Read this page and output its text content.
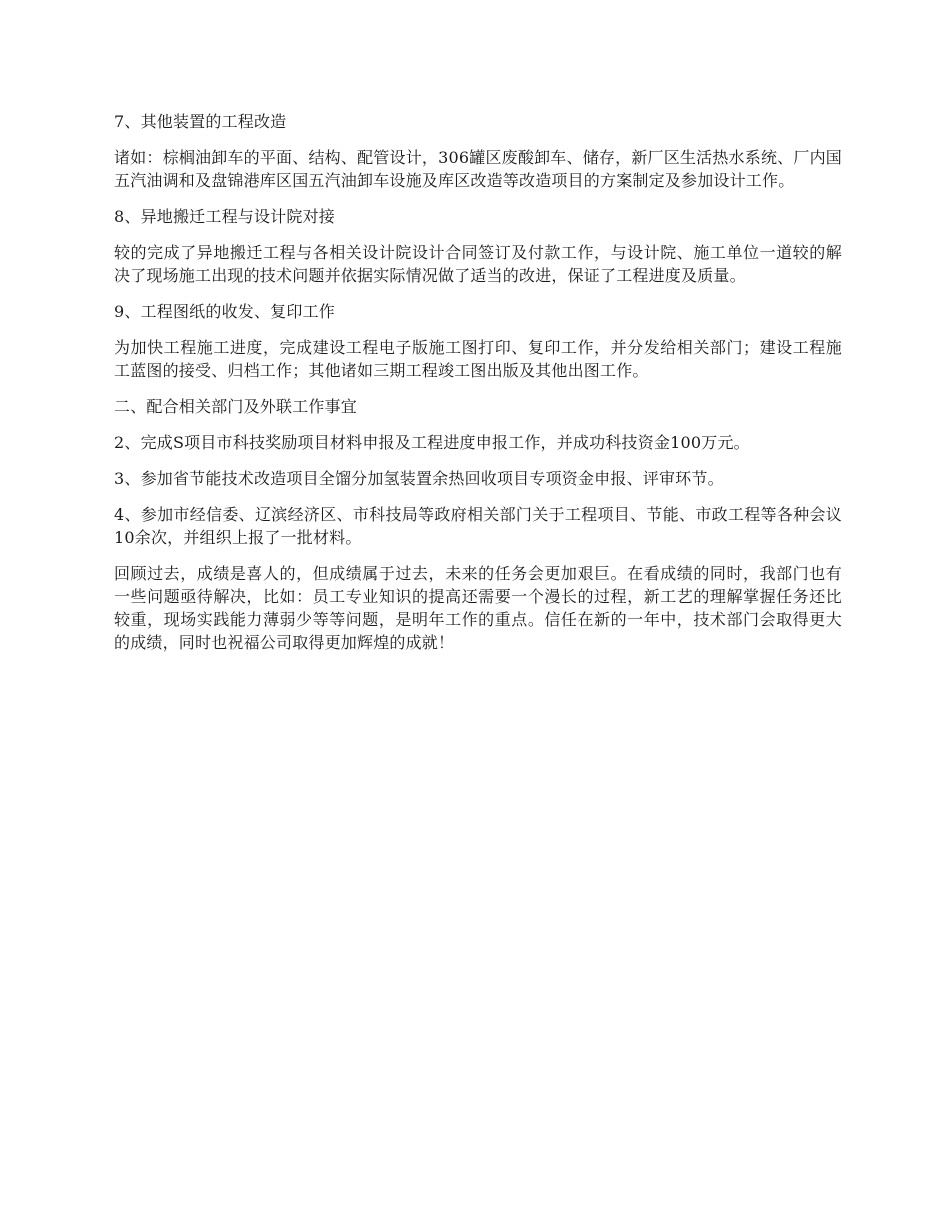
7、其他装置的工程改造

诸如：棕榈油卸车的平面、结构、配管设计，306罐区废酸卸车、储存，新厂区生活热水系统、厂内国五汽油调和及盘锦港库区国五汽油卸车设施及库区改造等改造项目的方案制定及参加设计工作。

8、异地搬迁工程与设计院对接

较的完成了异地搬迁工程与各相关设计院设计合同签订及付款工作，与设计院、施工单位一道较的解决了现场施工出现的技术问题并依据实际情况做了适当的改进，保证了工程进度及质量。

9、工程图纸的收发、复印工作

为加快工程施工进度，完成建设工程电子版施工图打印、复印工作，并分发给相关部门；建设工程施工蓝图的接受、归档工作；其他诸如三期工程竣工图出版及其他出图工作。

二、配合相关部门及外联工作事宜

2、完成S项目市科技奖励项目材料申报及工程进度申报工作，并成功科技资金100万元。

3、参加省节能技术改造项目全馏分加氢装置余热回收项目专项资金申报、评审环节。

4、参加市经信委、辽滨经济区、市科技局等政府相关部门关于工程项目、节能、市政工程等各种会议10余次，并组织上报了一批材料。

回顾过去，成绩是喜人的，但成绩属于过去，未来的任务会更加艰巨。在看成绩的同时，我部门也有一些问题亟待解决，比如：员工专业知识的提高还需要一个漫长的过程，新工艺的理解掌握任务还比较重，现场实践能力薄弱少等等问题，是明年工作的重点。信任在新的一年中，技术部门会取得更大的成绩，同时也祝福公司取得更加辉煌的成就！
